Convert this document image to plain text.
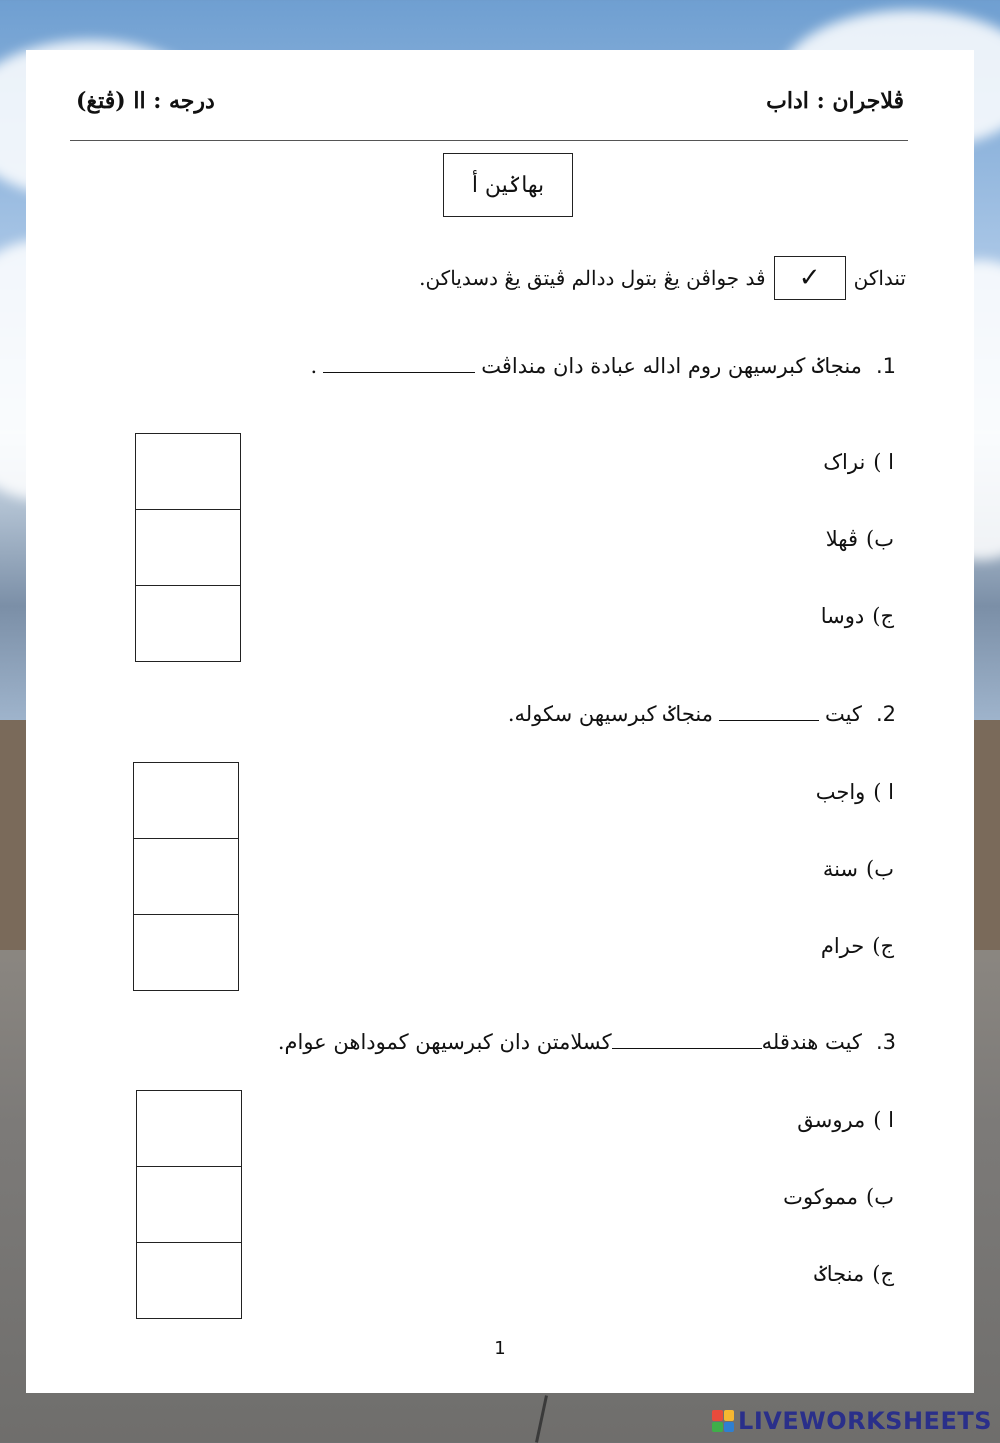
ڤلاجران : اداب
درجه : اا (ڤتغ)
بهاݢين أ
تنداکن
✓
ڤد جواڤن يڠ بتول ددالم ڤيتق يڠ دسدياکن.
1.منجاݢ کبرسيهن روم اداله عبادة دان منداڤت.
ا )نراک
ب)ڤهلا
ج)دوسا
2.کيتمنجاݢ کبرسيهن سکوله.
ا )واجب
ب)سنة
ج)حرام
3.کيت هندقلهکسلامتن دان کبرسيهن کموداهن عوام.
ا )مروسق
ب)مموکوت
ج)منجاݢ
1
LIVEWORKSHEETS
